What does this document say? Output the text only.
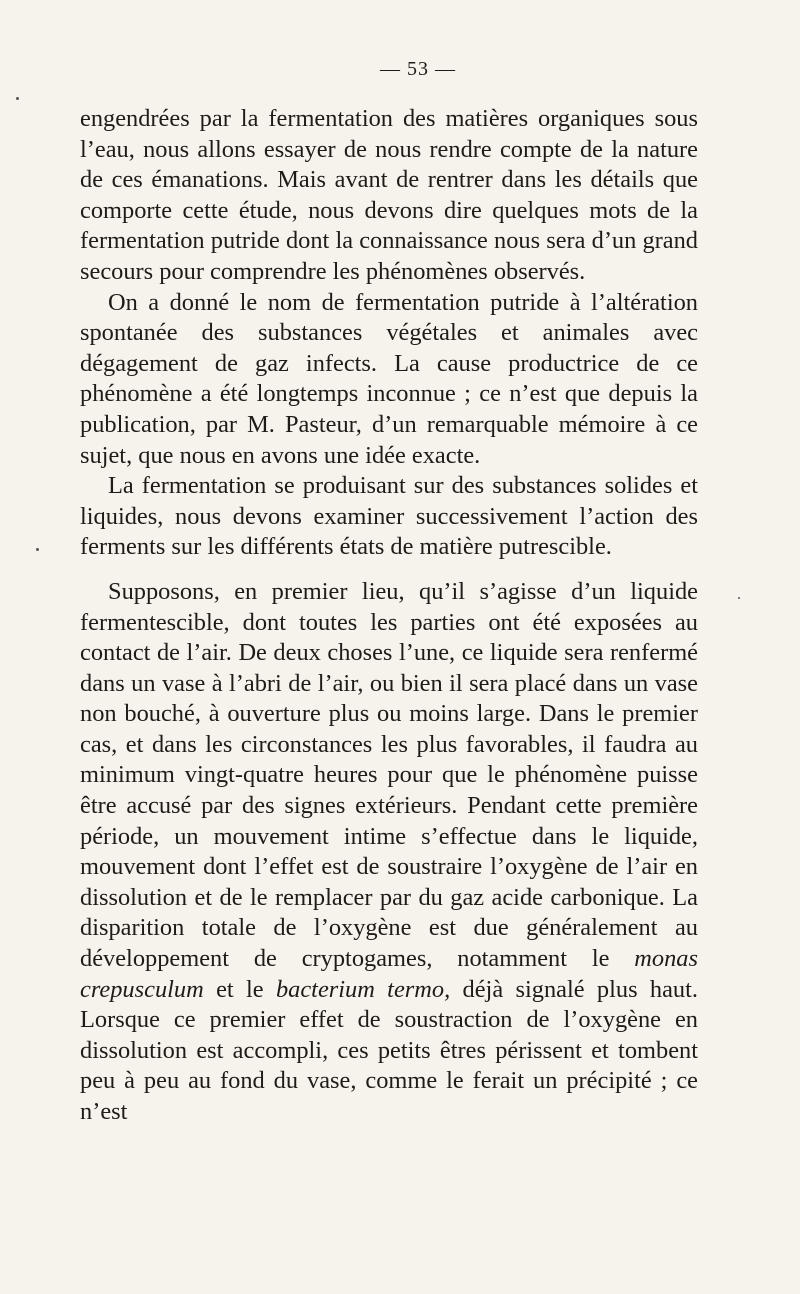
— 53 —

engendrées par la fermentation des matières organiques sous l’eau, nous allons essayer de nous rendre compte de la nature de ces émanations. Mais avant de rentrer dans les détails que comporte cette étude, nous devons dire quelques mots de la fermentation putride dont la connaissance nous sera d’un grand secours pour comprendre les phénomènes observés.

On a donné le nom de fermentation putride à l’altération spontanée des substances végétales et animales avec dégagement de gaz infects. La cause productrice de ce phénomène a été longtemps inconnue ; ce n’est que depuis la publication, par M. Pasteur, d’un remarquable mémoire à ce sujet, que nous en avons une idée exacte.

La fermentation se produisant sur des substances solides et liquides, nous devons examiner successivement l’action des ferments sur les différents états de matière putrescible.

Supposons, en premier lieu, qu’il s’agisse d’un liquide fermentescible, dont toutes les parties ont été exposées au contact de l’air. De deux choses l’une, ce liquide sera renfermé dans un vase à l’abri de l’air, ou bien il sera placé dans un vase non bouché, à ouverture plus ou moins large. Dans le premier cas, et dans les circonstances les plus favorables, il faudra au minimum vingt-quatre heures pour que le phénomène puisse être accusé par des signes extérieurs. Pendant cette première période, un mouvement intime s’effectue dans le liquide, mouvement dont l’effet est de soustraire l’oxygène de l’air en dissolution et de le remplacer par du gaz acide carbonique. La disparition totale de l’oxygène est due généralement au développement de cryptogames, notamment le monas crepusculum et le bacterium termo, déjà signalé plus haut. Lorsque ce premier effet de soustraction de l’oxygène en dissolution est accompli, ces petits êtres périssent et tombent peu à peu au fond du vase, comme le ferait un précipité ; ce n’est
